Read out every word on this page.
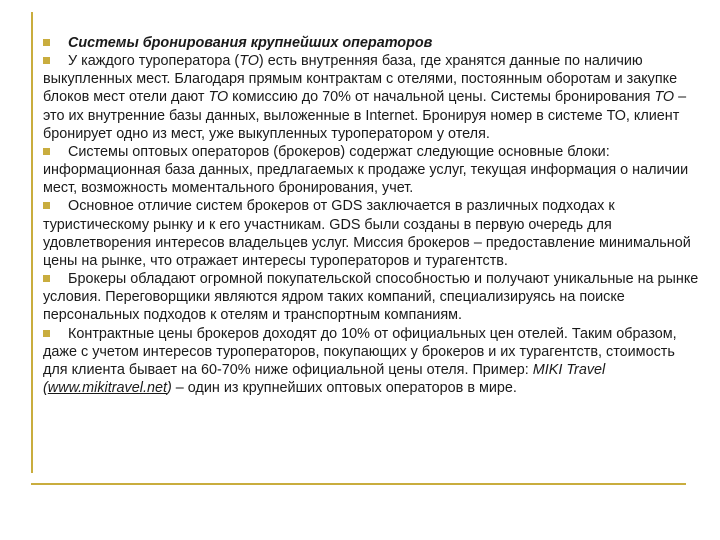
Системы бронирования крупнейших операторов

У каждого туроператора (ТО) есть внутренняя база, где хранятся данные по наличию выкупленных мест. Благодаря прямым контрактам с отелями, постоянным оборотам и закупке блоков мест отели дают ТО комиссию до 70% от начальной цены. Системы бронирования ТО – это их внутренние базы данных, выложенные в Internet. Бронируя номер в системе ТО, клиент бронирует одно из мест, уже выкупленных туроператором у отеля.

Системы оптовых операторов (брокеров) содержат следующие основные блоки: информационная база данных, предлагаемых к продаже услуг, текущая информация о наличии мест, возможность моментального бронирования, учет.

Основное отличие систем брокеров от GDS заключается в различных подходах к туристическому рынку и к его участникам. GDS были созданы в первую очередь для удовлетворения интересов владельцев услуг. Миссия брокеров – предоставление минимальной цены на рынке, что отражает интересы туроператоров и турагентств.

Брокеры обладают огромной покупательской способностью и получают уникальные на рынке условия. Переговорщики являются ядром таких компаний, специализируясь на поиске персональных подходов к отелям и транспортным компаниям.

Контрактные цены брокеров доходят до 10% от официальных цен отелей. Таким образом, даже с учетом интересов туроператоров, покупающих у брокеров и их турагентств, стоимость для клиента бывает на 60-70% ниже официальной цены отеля. Пример: MIKI Travel (www.mikitravel.net) – один из крупнейших оптовых операторов в мире.
